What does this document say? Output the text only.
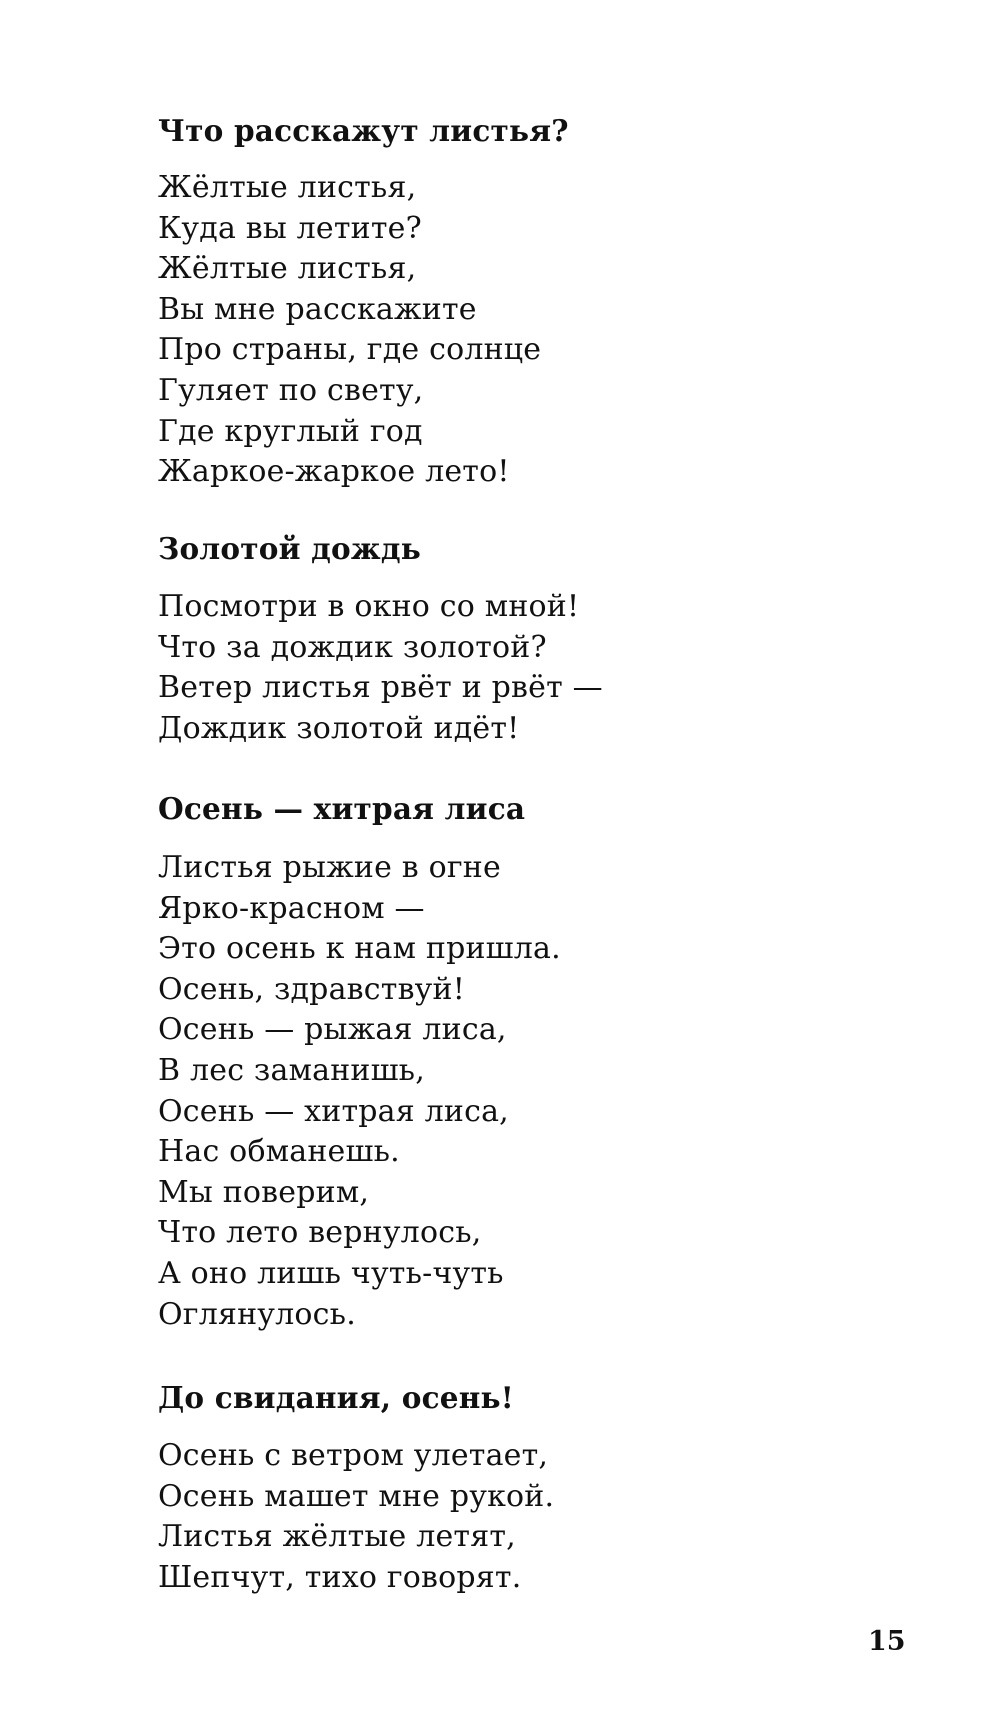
Что расскажут листья?
Жёлтые листья,
Куда вы летите?
Жёлтые листья,
Вы мне расскажите
Про страны, где солнце
Гуляет по свету,
Где круглый год
Жаркое-жаркое лето!
Золотой дождь
Посмотри в окно со мной!
Что за дождик золотой?
Ветер листья рвёт и рвёт —
Дождик золотой идёт!
Осень — хитрая лиса
Листья рыжие в огне
Ярко-красном —
Это осень к нам пришла.
Осень, здравствуй!
Осень — рыжая лиса,
В лес заманишь,
Осень — хитрая лиса,
Нас обманешь.
Мы поверим,
Что лето вернулось,
А оно лишь чуть-чуть
Оглянулось.
До свидания, осень!
Осень с ветром улетает,
Осень машет мне рукой.
Листья жёлтые летят,
Шепчут, тихо говорят.
15
